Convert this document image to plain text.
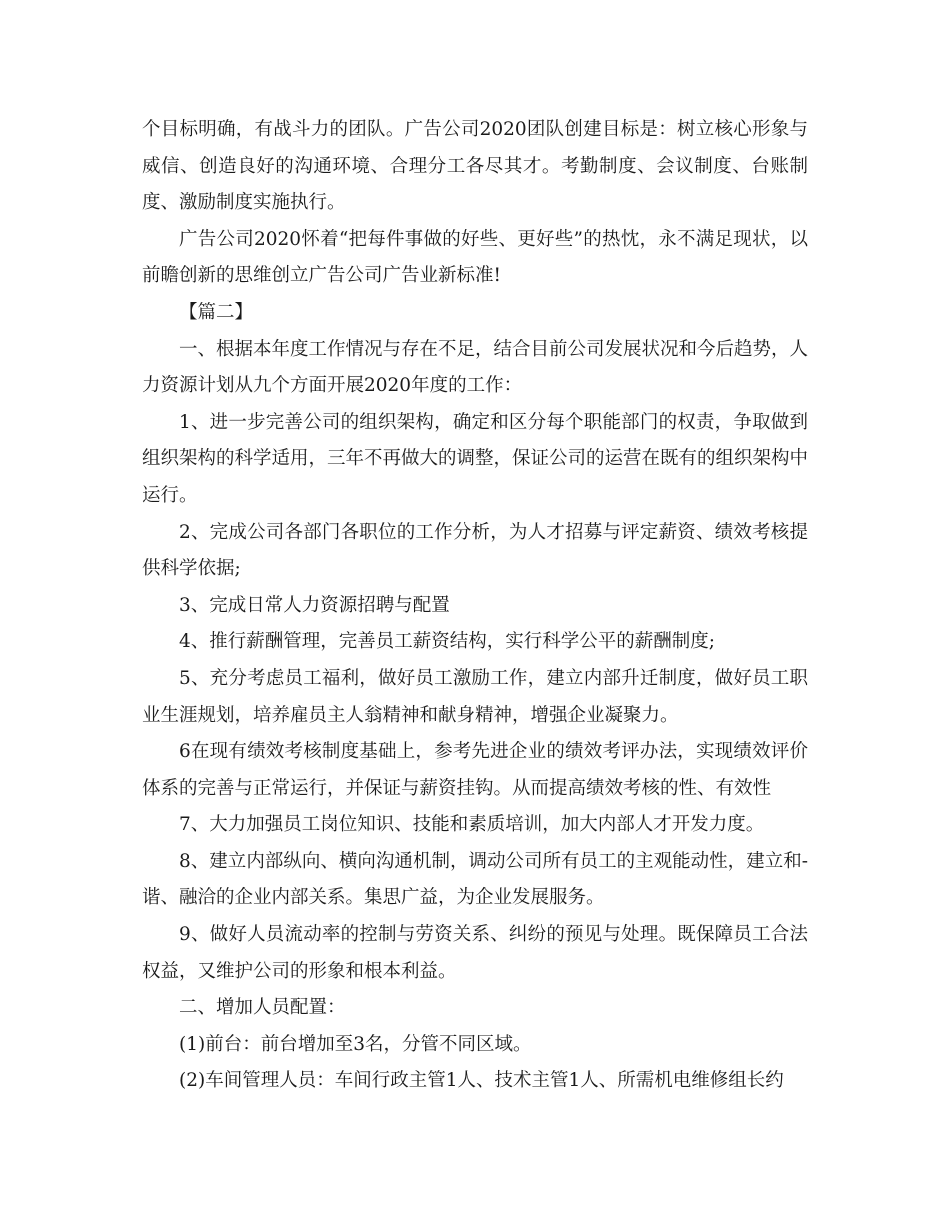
个目标明确，有战斗力的团队。广告公司2020团队创建目标是：树立核心形象与威信、创造良好的沟通环境、合理分工各尽其才。考勤制度、会议制度、台账制度、激励制度实施执行。

广告公司2020怀着“把每件事做的好些、更好些”的热忱，永不满足现状，以前瞻创新的思维创立广告公司广告业新标准!

【篇二】

一、根据本年度工作情况与存在不足，结合目前公司发展状况和今后趋势，人力资源计划从九个方面开展2020年度的工作：

1、进一步完善公司的组织架构，确定和区分每个职能部门的权责，争取做到组织架构的科学适用，三年不再做大的调整，保证公司的运营在既有的组织架构中运行。

2、完成公司各部门各职位的工作分析，为人才招募与评定薪资、绩效考核提供科学依据;

3、完成日常人力资源招聘与配置

4、推行薪酬管理，完善员工薪资结构，实行科学公平的薪酬制度;

5、充分考虑员工福利，做好员工激励工作，建立内部升迁制度，做好员工职业生涯规划，培养雇员主人翁精神和献身精神，增强企业凝聚力。

6在现有绩效考核制度基础上，参考先进企业的绩效考评办法，实现绩效评价体系的完善与正常运行，并保证与薪资挂钩。从而提高绩效考核的性、有效性

7、大力加强员工岗位知识、技能和素质培训，加大内部人才开发力度。

8、建立内部纵向、横向沟通机制，调动公司所有员工的主观能动性，建立和-谐、融洽的企业内部关系。集思广益，为企业发展服务。

9、做好人员流动率的控制与劳资关系、纠纷的预见与处理。既保障员工合法权益，又维护公司的形象和根本利益。

二、增加人员配置：

(1)前台：前台增加至3名，分管不同区域。

(2)车间管理人员：车间行政主管1人、技术主管1人、所需机电维修组长约
